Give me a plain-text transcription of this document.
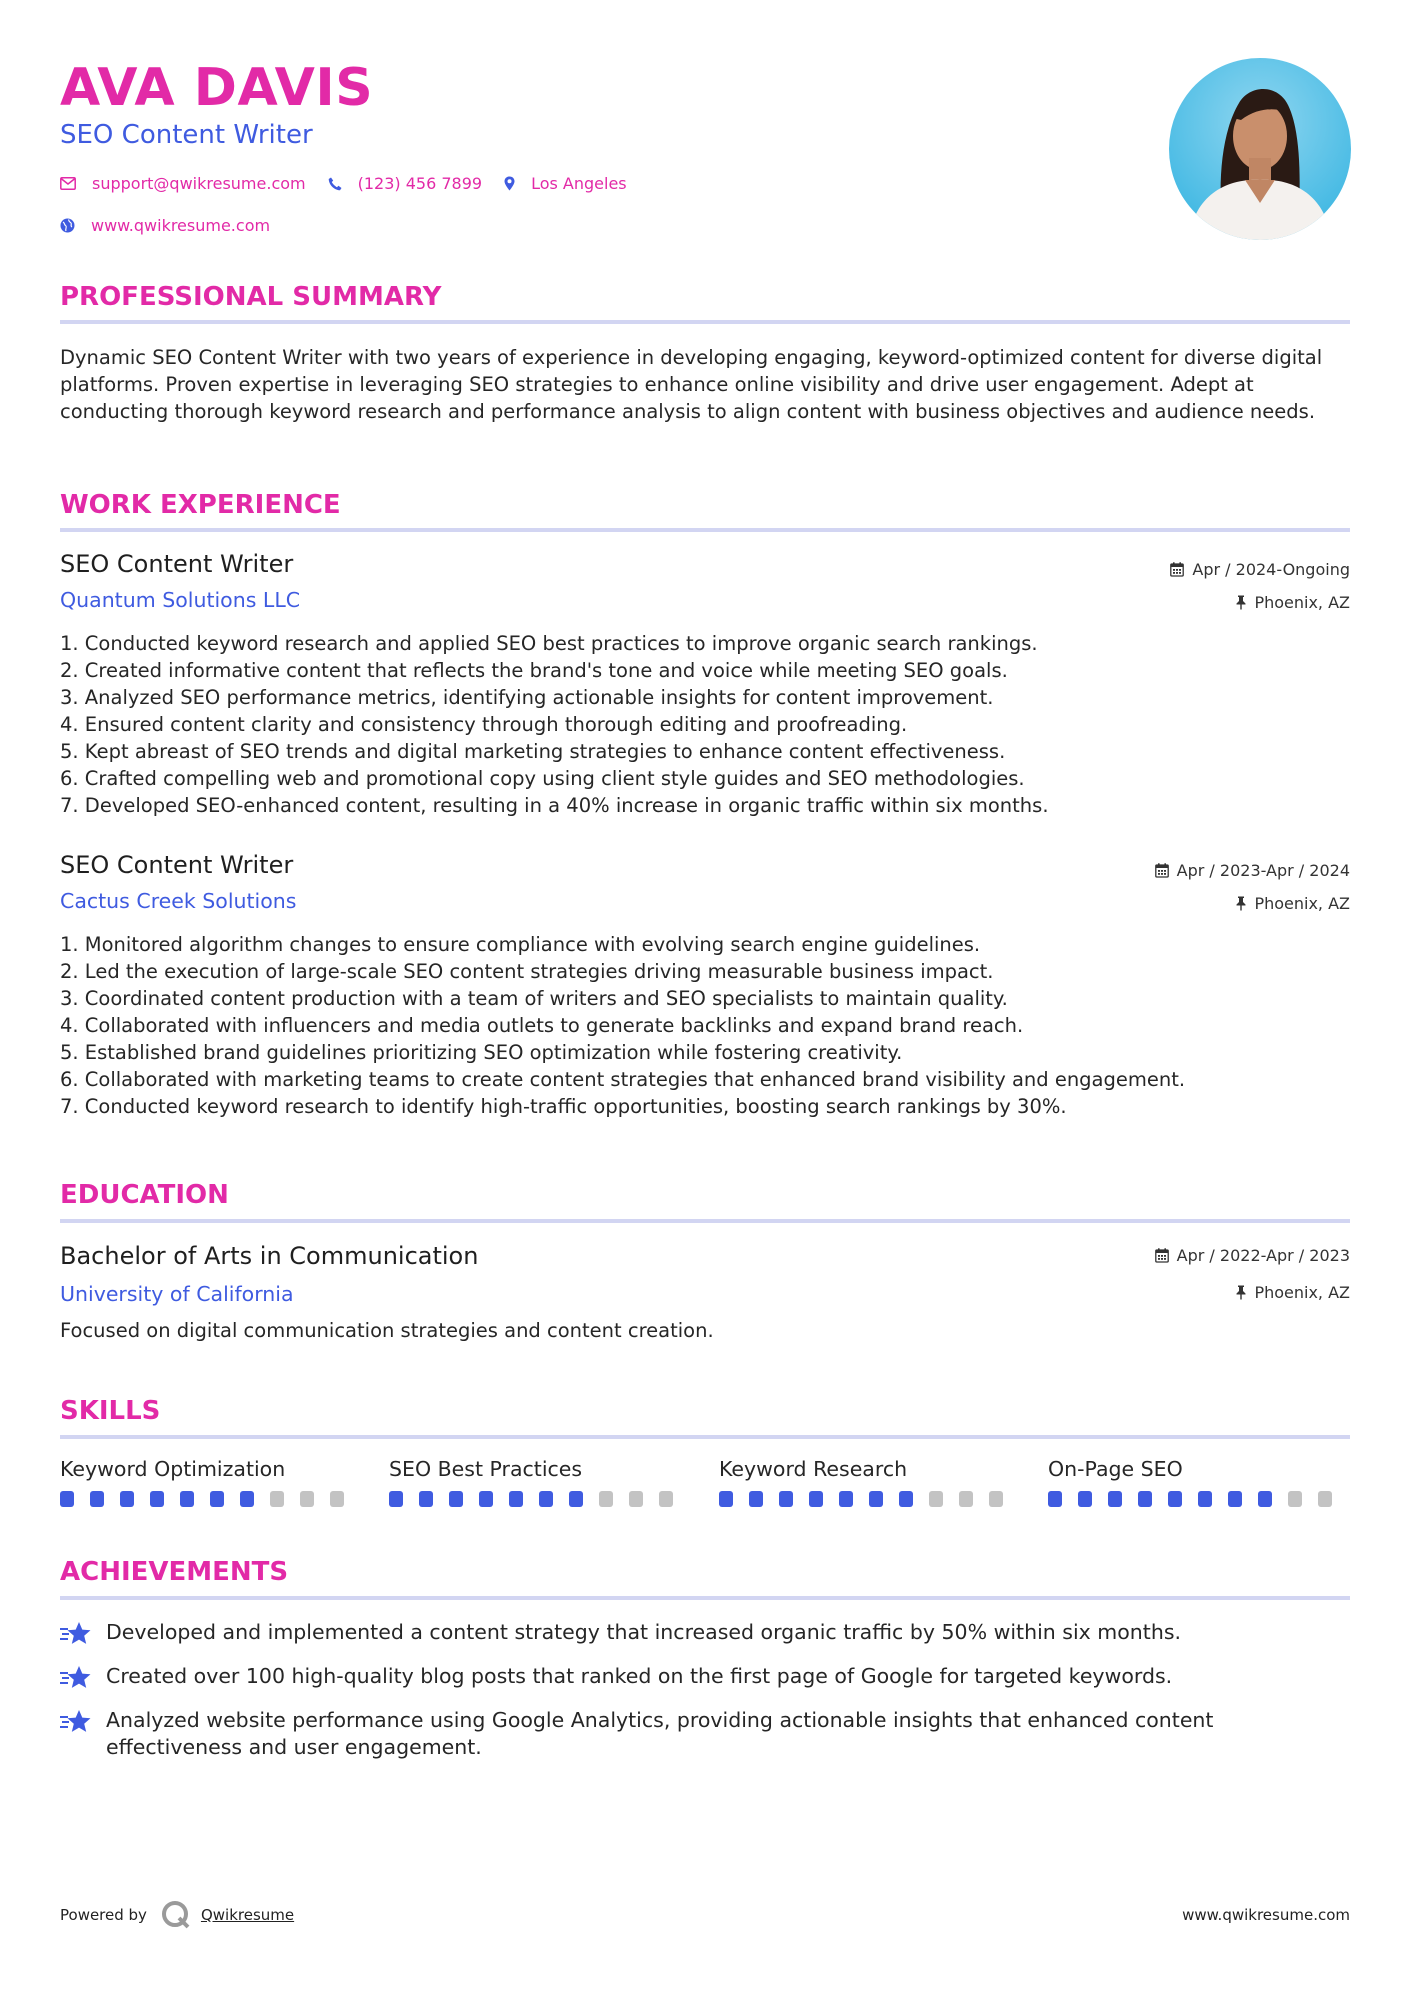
AVA DAVIS
SEO Content Writer
support@qwikresume.com	(123) 456 7899	Los Angeles
www.qwikresume.com
PROFESSIONAL SUMMARY
Dynamic SEO Content Writer with two years of experience in developing engaging, keyword-optimized content for diverse digital platforms. Proven expertise in leveraging SEO strategies to enhance online visibility and drive user engagement. Adept at conducting thorough keyword research and performance analysis to align content with business objectives and audience needs.
WORK EXPERIENCE
SEO Content Writer	Apr / 2024-Ongoing
Quantum Solutions LLC	Phoenix, AZ
1. Conducted keyword research and applied SEO best practices to improve organic search rankings.
2. Created informative content that reflects the brand's tone and voice while meeting SEO goals.
3. Analyzed SEO performance metrics, identifying actionable insights for content improvement.
4. Ensured content clarity and consistency through thorough editing and proofreading.
5. Kept abreast of SEO trends and digital marketing strategies to enhance content effectiveness.
6. Crafted compelling web and promotional copy using client style guides and SEO methodologies.
7. Developed SEO-enhanced content, resulting in a 40% increase in organic traffic within six months.
SEO Content Writer	Apr / 2023-Apr / 2024
Cactus Creek Solutions	Phoenix, AZ
1. Monitored algorithm changes to ensure compliance with evolving search engine guidelines.
2. Led the execution of large-scale SEO content strategies driving measurable business impact.
3. Coordinated content production with a team of writers and SEO specialists to maintain quality.
4. Collaborated with influencers and media outlets to generate backlinks and expand brand reach.
5. Established brand guidelines prioritizing SEO optimization while fostering creativity.
6. Collaborated with marketing teams to create content strategies that enhanced brand visibility and engagement.
7. Conducted keyword research to identify high-traffic opportunities, boosting search rankings by 30%.
EDUCATION
Bachelor of Arts in Communication	Apr / 2022-Apr / 2023
University of California	Phoenix, AZ
Focused on digital communication strategies and content creation.
SKILLS
Keyword Optimization	SEO Best Practices	Keyword Research	On-Page SEO
ACHIEVEMENTS
Developed and implemented a content strategy that increased organic traffic by 50% within six months.
Created over 100 high-quality blog posts that ranked on the first page of Google for targeted keywords.
Analyzed website performance using Google Analytics, providing actionable insights that enhanced content effectiveness and user engagement.
Powered by	Qwikresume	www.qwikresume.com
